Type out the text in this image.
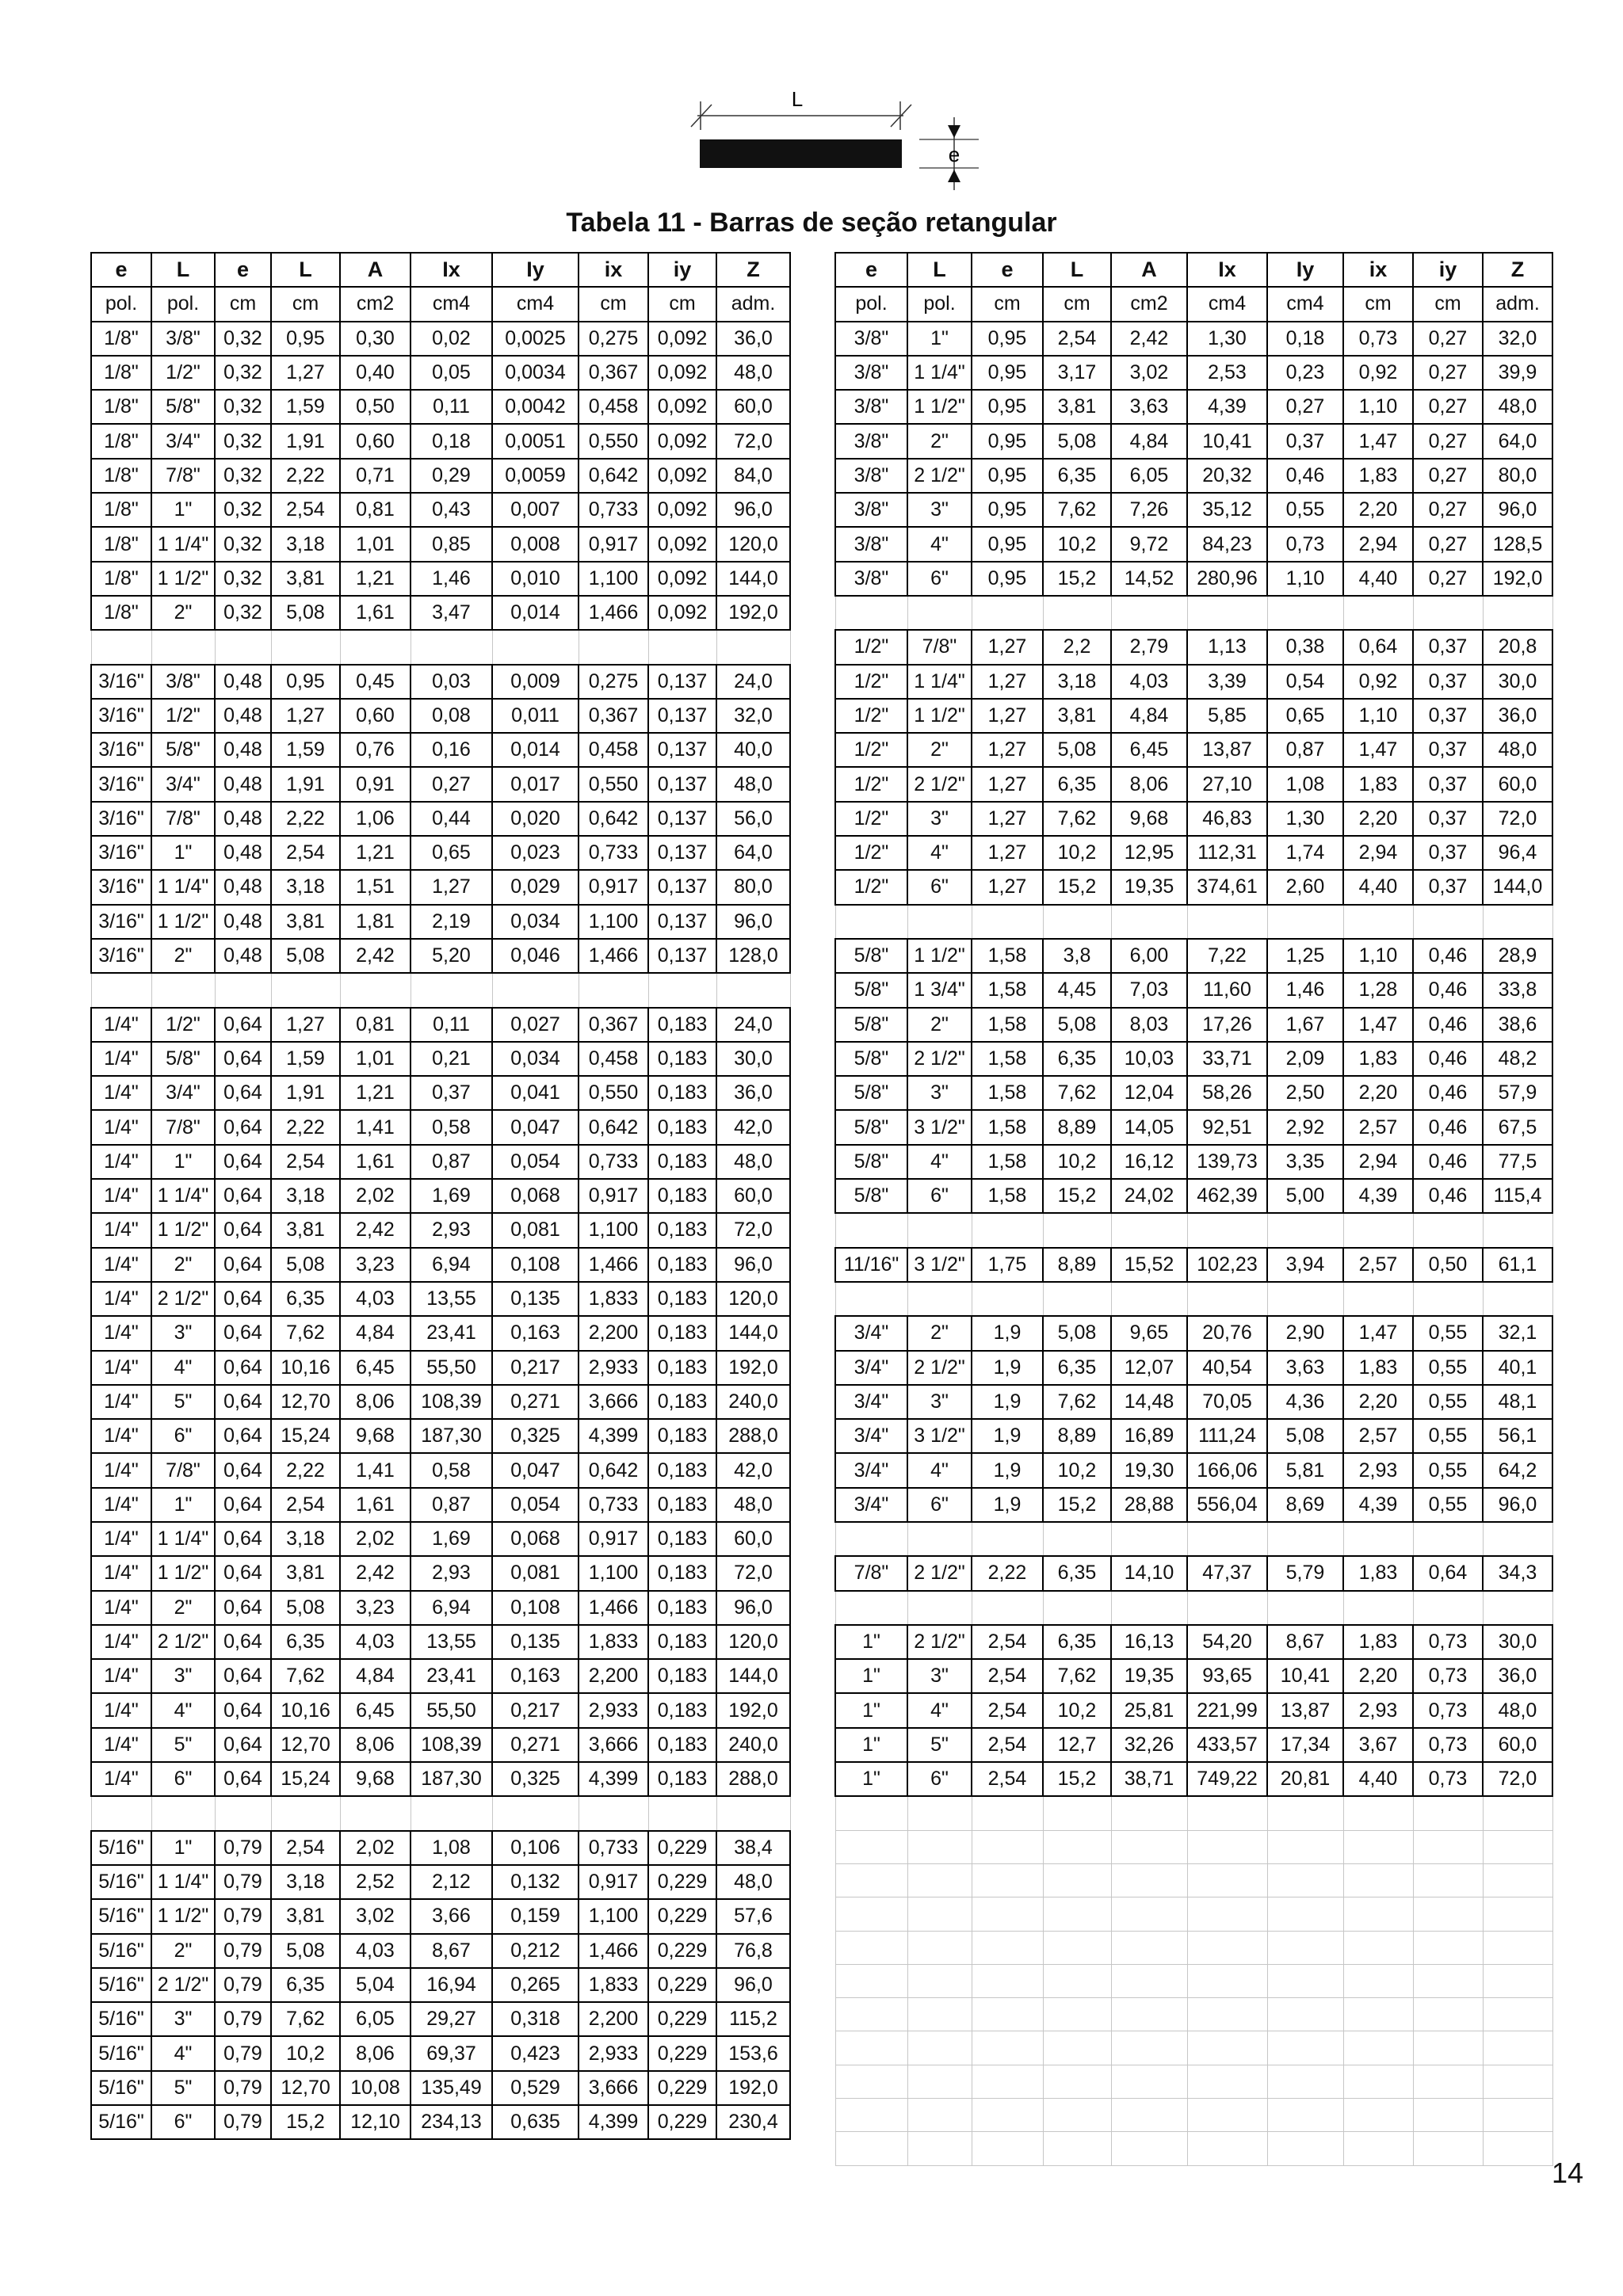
L
e
Tabela 11 - Barras de seção retangular
e	L	e	L	A	Ix	Iy	ix	iy	Z
pol.	pol.	cm	cm	cm2	cm4	cm4	cm	cm	adm.
1/8"	3/8"	0,32	0,95	0,30	0,02	0,0025	0,275	0,092	36,0
1/8"	1/2"	0,32	1,27	0,40	0,05	0,0034	0,367	0,092	48,0
1/8"	5/8"	0,32	1,59	0,50	0,11	0,0042	0,458	0,092	60,0
1/8"	3/4"	0,32	1,91	0,60	0,18	0,0051	0,550	0,092	72,0
1/8"	7/8"	0,32	2,22	0,71	0,29	0,0059	0,642	0,092	84,0
1/8"	1"	0,32	2,54	0,81	0,43	0,007	0,733	0,092	96,0
1/8"	1 1/4"	0,32	3,18	1,01	0,85	0,008	0,917	0,092	120,0
1/8"	1 1/2"	0,32	3,81	1,21	1,46	0,010	1,100	0,092	144,0
1/8"	2"	0,32	5,08	1,61	3,47	0,014	1,466	0,092	192,0

3/16"	3/8"	0,48	0,95	0,45	0,03	0,009	0,275	0,137	24,0
3/16"	1/2"	0,48	1,27	0,60	0,08	0,011	0,367	0,137	32,0
3/16"	5/8"	0,48	1,59	0,76	0,16	0,014	0,458	0,137	40,0
3/16"	3/4"	0,48	1,91	0,91	0,27	0,017	0,550	0,137	48,0
3/16"	7/8"	0,48	2,22	1,06	0,44	0,020	0,642	0,137	56,0
3/16"	1"	0,48	2,54	1,21	0,65	0,023	0,733	0,137	64,0
3/16"	1 1/4"	0,48	3,18	1,51	1,27	0,029	0,917	0,137	80,0
3/16"	1 1/2"	0,48	3,81	1,81	2,19	0,034	1,100	0,137	96,0
3/16"	2"	0,48	5,08	2,42	5,20	0,046	1,466	0,137	128,0

1/4"	1/2"	0,64	1,27	0,81	0,11	0,027	0,367	0,183	24,0
1/4"	5/8"	0,64	1,59	1,01	0,21	0,034	0,458	0,183	30,0
1/4"	3/4"	0,64	1,91	1,21	0,37	0,041	0,550	0,183	36,0
1/4"	7/8"	0,64	2,22	1,41	0,58	0,047	0,642	0,183	42,0
1/4"	1"	0,64	2,54	1,61	0,87	0,054	0,733	0,183	48,0
1/4"	1 1/4"	0,64	3,18	2,02	1,69	0,068	0,917	0,183	60,0
1/4"	1 1/2"	0,64	3,81	2,42	2,93	0,081	1,100	0,183	72,0
1/4"	2"	0,64	5,08	3,23	6,94	0,108	1,466	0,183	96,0
1/4"	2 1/2"	0,64	6,35	4,03	13,55	0,135	1,833	0,183	120,0
1/4"	3"	0,64	7,62	4,84	23,41	0,163	2,200	0,183	144,0
1/4"	4"	0,64	10,16	6,45	55,50	0,217	2,933	0,183	192,0
1/4"	5"	0,64	12,70	8,06	108,39	0,271	3,666	0,183	240,0
1/4"	6"	0,64	15,24	9,68	187,30	0,325	4,399	0,183	288,0
1/4"	7/8"	0,64	2,22	1,41	0,58	0,047	0,642	0,183	42,0
1/4"	1"	0,64	2,54	1,61	0,87	0,054	0,733	0,183	48,0
1/4"	1 1/4"	0,64	3,18	2,02	1,69	0,068	0,917	0,183	60,0
1/4"	1 1/2"	0,64	3,81	2,42	2,93	0,081	1,100	0,183	72,0
1/4"	2"	0,64	5,08	3,23	6,94	0,108	1,466	0,183	96,0
1/4"	2 1/2"	0,64	6,35	4,03	13,55	0,135	1,833	0,183	120,0
1/4"	3"	0,64	7,62	4,84	23,41	0,163	2,200	0,183	144,0
1/4"	4"	0,64	10,16	6,45	55,50	0,217	2,933	0,183	192,0
1/4"	5"	0,64	12,70	8,06	108,39	0,271	3,666	0,183	240,0
1/4"	6"	0,64	15,24	9,68	187,30	0,325	4,399	0,183	288,0

5/16"	1"	0,79	2,54	2,02	1,08	0,106	0,733	0,229	38,4
5/16"	1 1/4"	0,79	3,18	2,52	2,12	0,132	0,917	0,229	48,0
5/16"	1 1/2"	0,79	3,81	3,02	3,66	0,159	1,100	0,229	57,6
5/16"	2"	0,79	5,08	4,03	8,67	0,212	1,466	0,229	76,8
5/16"	2 1/2"	0,79	6,35	5,04	16,94	0,265	1,833	0,229	96,0
5/16"	3"	0,79	7,62	6,05	29,27	0,318	2,200	0,229	115,2
5/16"	4"	0,79	10,2	8,06	69,37	0,423	2,933	0,229	153,6
5/16"	5"	0,79	12,70	10,08	135,49	0,529	3,666	0,229	192,0
5/16"	6"	0,79	15,2	12,10	234,13	0,635	4,399	0,229	230,4
e	L	e	L	A	Ix	Iy	ix	iy	Z
pol.	pol.	cm	cm	cm2	cm4	cm4	cm	cm	adm.
3/8"	1"	0,95	2,54	2,42	1,30	0,18	0,73	0,27	32,0
3/8"	1 1/4"	0,95	3,17	3,02	2,53	0,23	0,92	0,27	39,9
3/8"	1 1/2"	0,95	3,81	3,63	4,39	0,27	1,10	0,27	48,0
3/8"	2"	0,95	5,08	4,84	10,41	0,37	1,47	0,27	64,0
3/8"	2 1/2"	0,95	6,35	6,05	20,32	0,46	1,83	0,27	80,0
3/8"	3"	0,95	7,62	7,26	35,12	0,55	2,20	0,27	96,0
3/8"	4"	0,95	10,2	9,72	84,23	0,73	2,94	0,27	128,5
3/8"	6"	0,95	15,2	14,52	280,96	1,10	4,40	0,27	192,0

1/2"	7/8"	1,27	2,2	2,79	1,13	0,38	0,64	0,37	20,8
1/2"	1 1/4"	1,27	3,18	4,03	3,39	0,54	0,92	0,37	30,0
1/2"	1 1/2"	1,27	3,81	4,84	5,85	0,65	1,10	0,37	36,0
1/2"	2"	1,27	5,08	6,45	13,87	0,87	1,47	0,37	48,0
1/2"	2 1/2"	1,27	6,35	8,06	27,10	1,08	1,83	0,37	60,0
1/2"	3"	1,27	7,62	9,68	46,83	1,30	2,20	0,37	72,0
1/2"	4"	1,27	10,2	12,95	112,31	1,74	2,94	0,37	96,4
1/2"	6"	1,27	15,2	19,35	374,61	2,60	4,40	0,37	144,0

5/8"	1 1/2"	1,58	3,8	6,00	7,22	1,25	1,10	0,46	28,9
5/8"	1 3/4"	1,58	4,45	7,03	11,60	1,46	1,28	0,46	33,8
5/8"	2"	1,58	5,08	8,03	17,26	1,67	1,47	0,46	38,6
5/8"	2 1/2"	1,58	6,35	10,03	33,71	2,09	1,83	0,46	48,2
5/8"	3"	1,58	7,62	12,04	58,26	2,50	2,20	0,46	57,9
5/8"	3 1/2"	1,58	8,89	14,05	92,51	2,92	2,57	0,46	67,5
5/8"	4"	1,58	10,2	16,12	139,73	3,35	2,94	0,46	77,5
5/8"	6"	1,58	15,2	24,02	462,39	5,00	4,39	0,46	115,4

11/16"	3 1/2"	1,75	8,89	15,52	102,23	3,94	2,57	0,50	61,1

3/4"	2"	1,9	5,08	9,65	20,76	2,90	1,47	0,55	32,1
3/4"	2 1/2"	1,9	6,35	12,07	40,54	3,63	1,83	0,55	40,1
3/4"	3"	1,9	7,62	14,48	70,05	4,36	2,20	0,55	48,1
3/4"	3 1/2"	1,9	8,89	16,89	111,24	5,08	2,57	0,55	56,1
3/4"	4"	1,9	10,2	19,30	166,06	5,81	2,93	0,55	64,2
3/4"	6"	1,9	15,2	28,88	556,04	8,69	4,39	0,55	96,0

7/8"	2 1/2"	2,22	6,35	14,10	47,37	5,79	1,83	0,64	34,3

1"	2 1/2"	2,54	6,35	16,13	54,20	8,67	1,83	0,73	30,0
1"	3"	2,54	7,62	19,35	93,65	10,41	2,20	0,73	36,0
1"	4"	2,54	10,2	25,81	221,99	13,87	2,93	0,73	48,0
1"	5"	2,54	12,7	32,26	433,57	17,34	3,67	0,73	60,0
1"	6"	2,54	15,2	38,71	749,22	20,81	4,40	0,73	72,0

14
